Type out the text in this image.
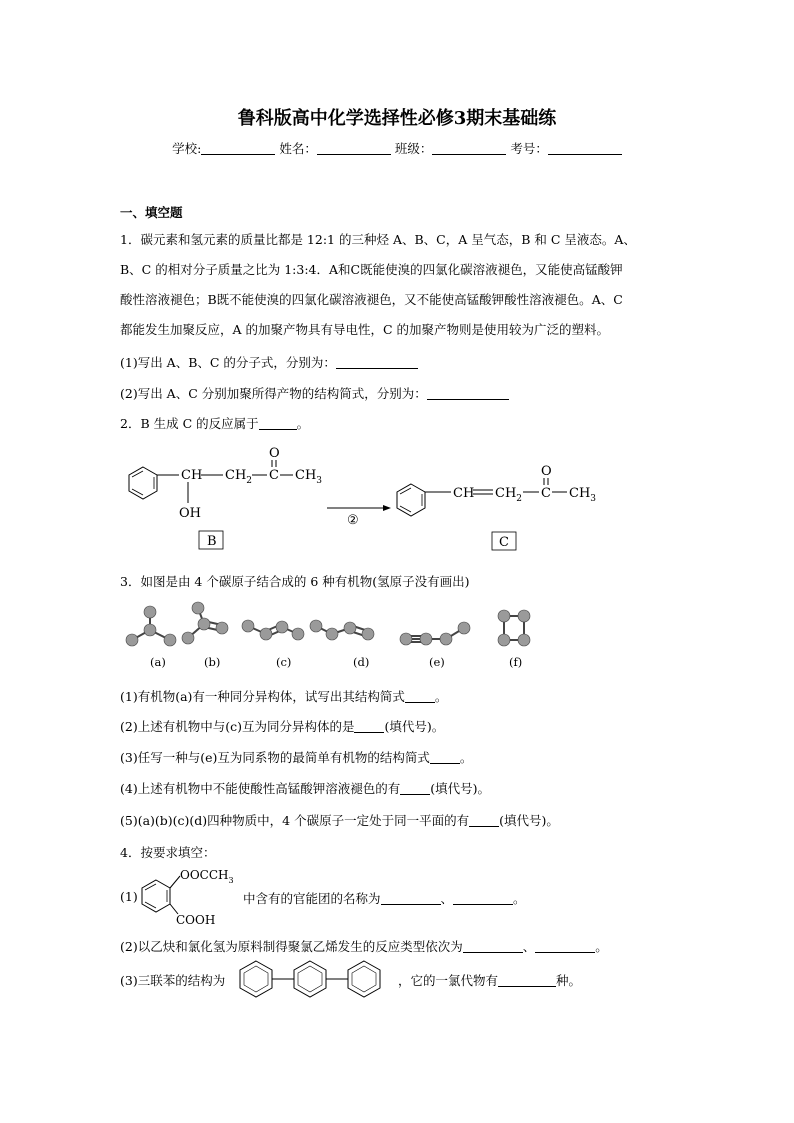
鲁科版高中化学选择性必修3期末基础练
学校:	姓名：	班级：	考号：
一、填空题
1．碳元素和氢元素的质量比都是 12:1 的三种烃 A、B、C，A 呈气态，B 和 C 呈液态。A、
B、C 的相对分子质量之比为 1:3:4．A和C既能使溴的四氯化碳溶液褪色，又能使高锰酸钾
酸性溶液褪色；B既不能使溴的四氯化碳溶液褪色，又不能使高锰酸钾酸性溶液褪色。A、C
都能发生加聚反应，A 的加聚产物具有导电性，C 的加聚产物则是使用较为广泛的塑料。
(1)写出 A、B、C 的分子式，分别为：
(2)写出 A、C 分别加聚所得产物的结构简式，分别为：
2．B 生成 C 的反应属于	。
CH
OH
$CH_2$ C
O
$CH_3$
B
②
CH $CH_2$ C
O
$CH_3$
C
3．如图是由 4 个碳原子结合成的 6 种有机物(氢原子没有画出)
(a)	(b)	(c)	(d)	(e)	(f)
(1)有机物(a)有一种同分异构体，试写出其结构简式 。
(2)上述有机物中与(c)互为同分异构体的是 (填代号)。
(3)任写一种与(e)互为同系物的最简单有机物的结构简式 。
(4)上述有机物中不能使酸性高锰酸钾溶液褪色的有 (填代号)。
(5)(a)(b)(c)(d)四种物质中，4 个碳原子一定处于同一平面的有 (填代号)。
4．按要求填空：
(1)
$OOCCH_3$
COOH
中含有的官能团的名称为	、	。
(2)以乙炔和氯化氢为原料制得聚氯乙烯发生的反应类型依次为	、	。
(3)三联苯的结构为	，它的一氯代物有	种。
